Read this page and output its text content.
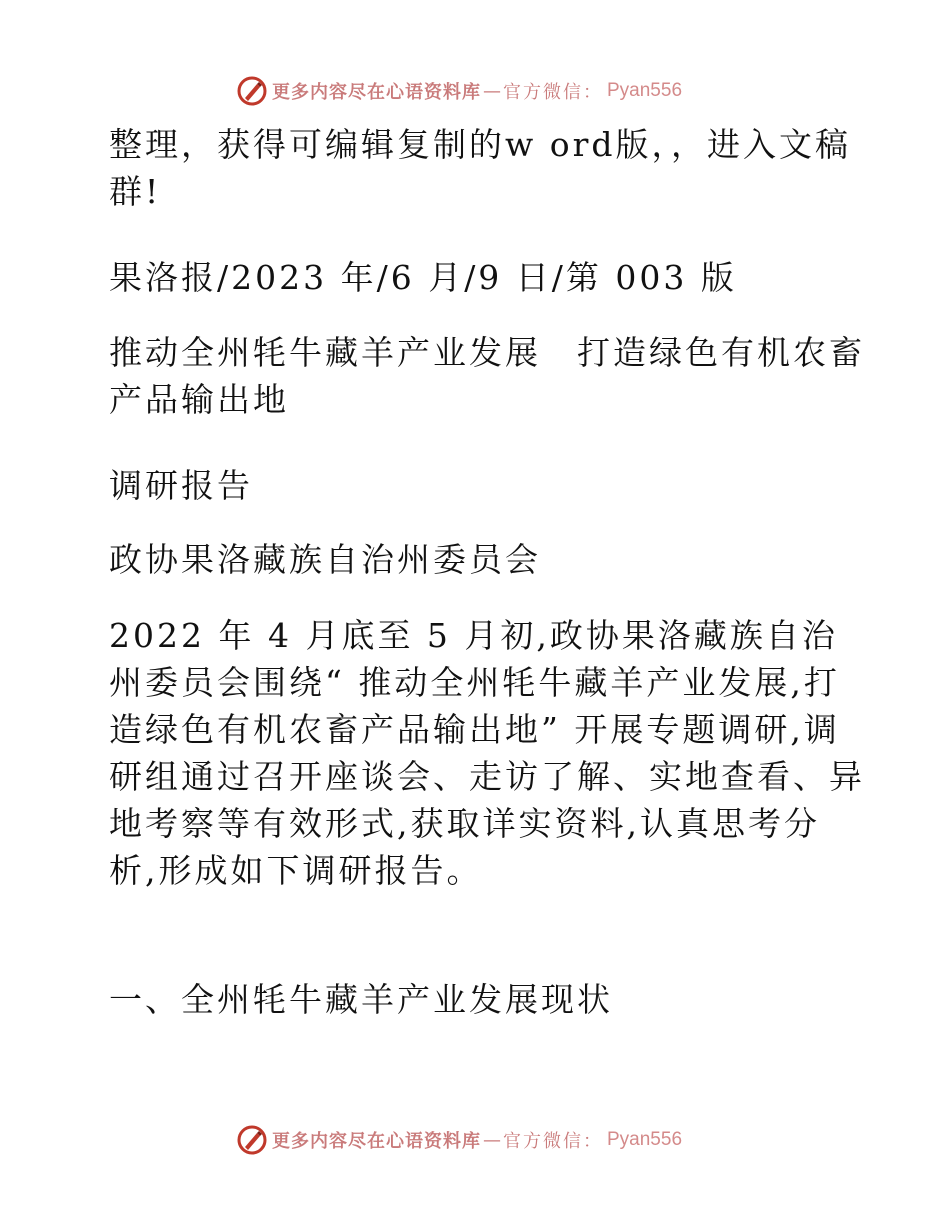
更多内容尽在心语资料库 — 官方微信： Pyan556

整理，获得可编辑复制的w ord版，，进入文稿群!

果洛报/2023 年/6 月/9 日/第 003 版

推动全州牦牛藏羊产业发展　打造绿色有机农畜产品输出地

调研报告

政协果洛藏族自治州委员会

2022 年 4 月底至 5 月初,政协果洛藏族自治州委员会围绕“ 推动全州牦牛藏羊产业发展,打造绿色有机农畜产品输出地” 开展专题调研,调研组通过召开座谈会、走访了解、实地查看、异地考察等有效形式,获取详实资料,认真思考分析,形成如下调研报告。

一、全州牦牛藏羊产业发展现状

更多内容尽在心语资料库 — 官方微信： Pyan556
